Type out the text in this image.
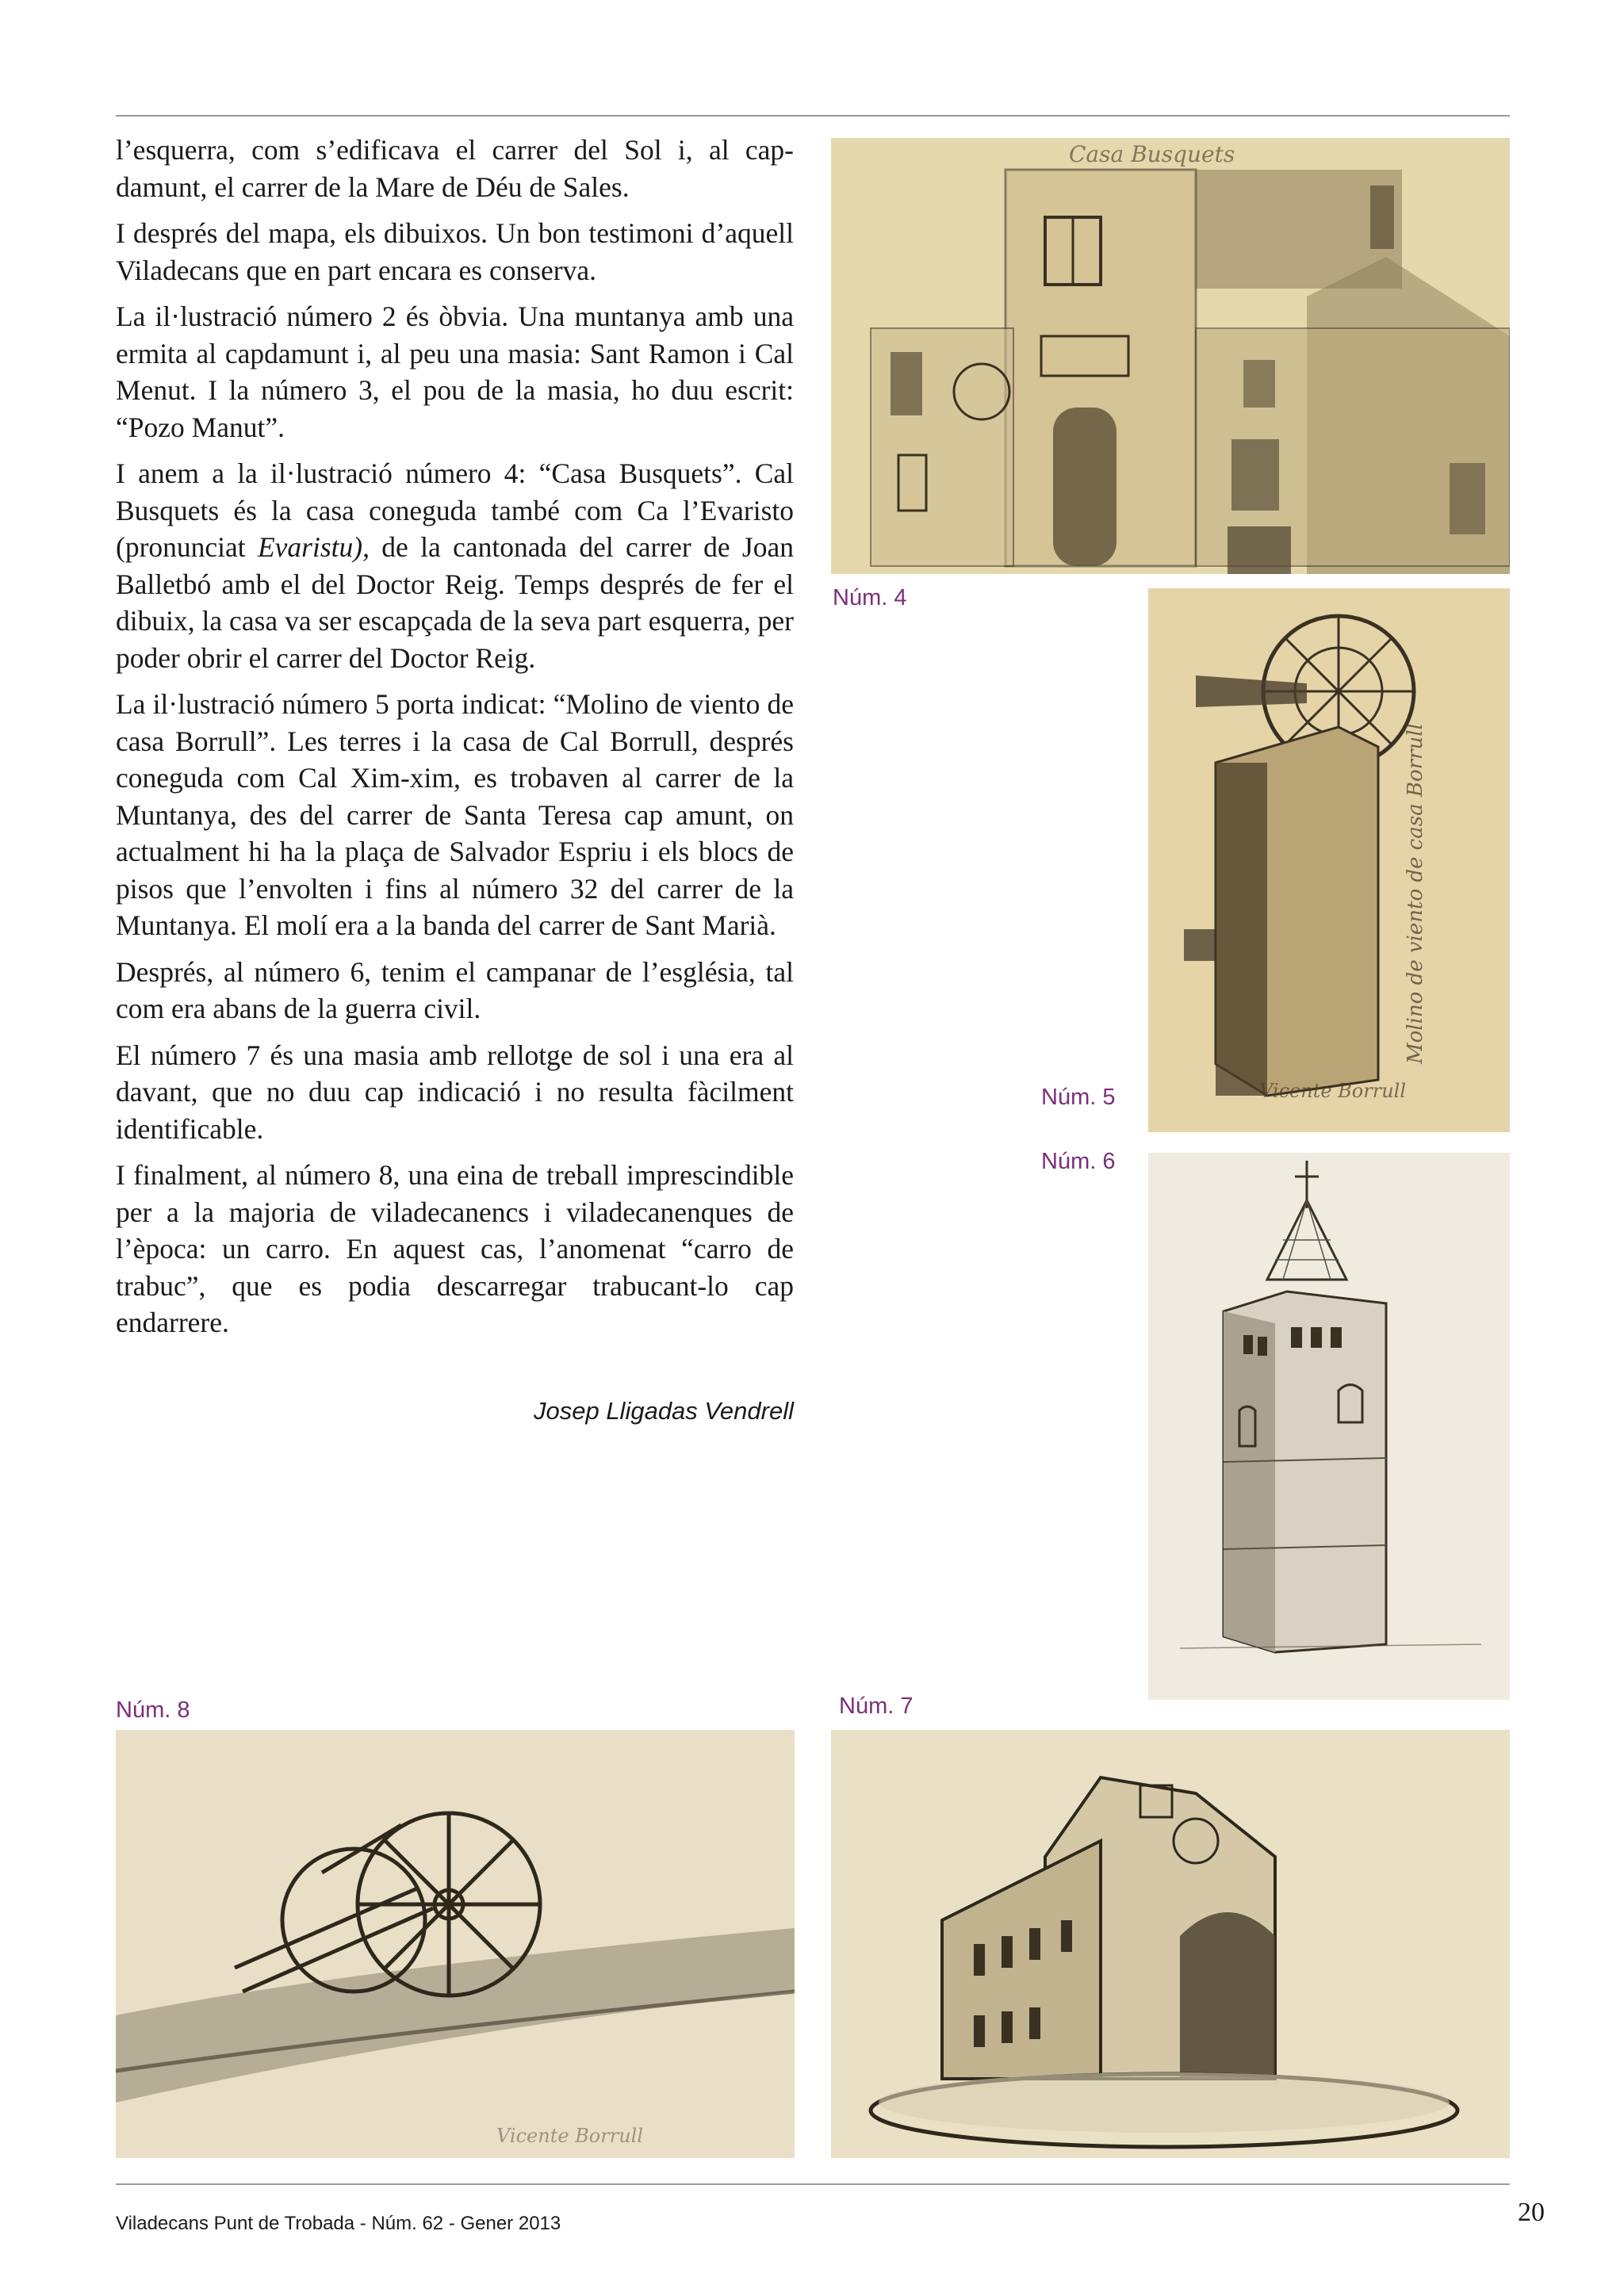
l’esquerra, com s’edificava el carrer del Sol i, al capdamunt, el carrer de la Mare de Déu de Sales.

I després del mapa, els dibuixos. Un bon testimoni d’aquell Viladecans que en part encara es conserva.

La il·lustració número 2 és òbvia. Una muntanya amb una ermita al capdamunt i, al peu una masia: Sant Ramon i Cal Menut. I la número 3, el pou de la masia, ho duu escrit: “Pozo Manut”.

I anem a la il·lustració número 4: “Casa Busquets”. Cal Busquets és la casa coneguda també com Ca l’Evaristo (pronunciat Evaristu), de la cantonada del carrer de Joan Balletbó amb el del Doctor Reig. Temps després de fer el dibuix, la casa va ser escapçada de la seva part esquerra, per poder obrir el carrer del Doctor Reig.

La il·lustració número 5 porta indicat: “Molino de viento de casa Borrull”. Les terres i la casa de Cal Borrull, després coneguda com Cal Xim-xim, es trobaven al carrer de la Muntanya, des del carrer de Santa Teresa cap amunt, on actualment hi ha la plaça de Salvador Espriu i els blocs de pisos que l’envolten i fins al número 32 del carrer de la Muntanya. El molí era a la banda del carrer de Sant Marià.

Després, al número 6, tenim el campanar de l’església, tal com era abans de la guerra civil.

El número 7 és una masia amb rellotge de sol i una era al davant, que no duu cap indicació i no resulta fàcilment identificable.

I finalment, al número 8, una eina de treball imprescindible per a la majoria de viladecanencs i viladecanenques de l’època: un carro. En aquest cas, l’anomenat “carro de trabuc”, que es podia descarregar trabucant-lo cap endarrere.

Josep Lligadas Vendrell
Casa Busquets
Núm. 4
Molino de viento de casa Borrull
Vicente Borrull
Núm. 5
Núm. 6
Núm. 8
Vicente Borrull
Núm. 7
Viladecans Punt de Trobada - Núm. 62 - Gener 2013	20
